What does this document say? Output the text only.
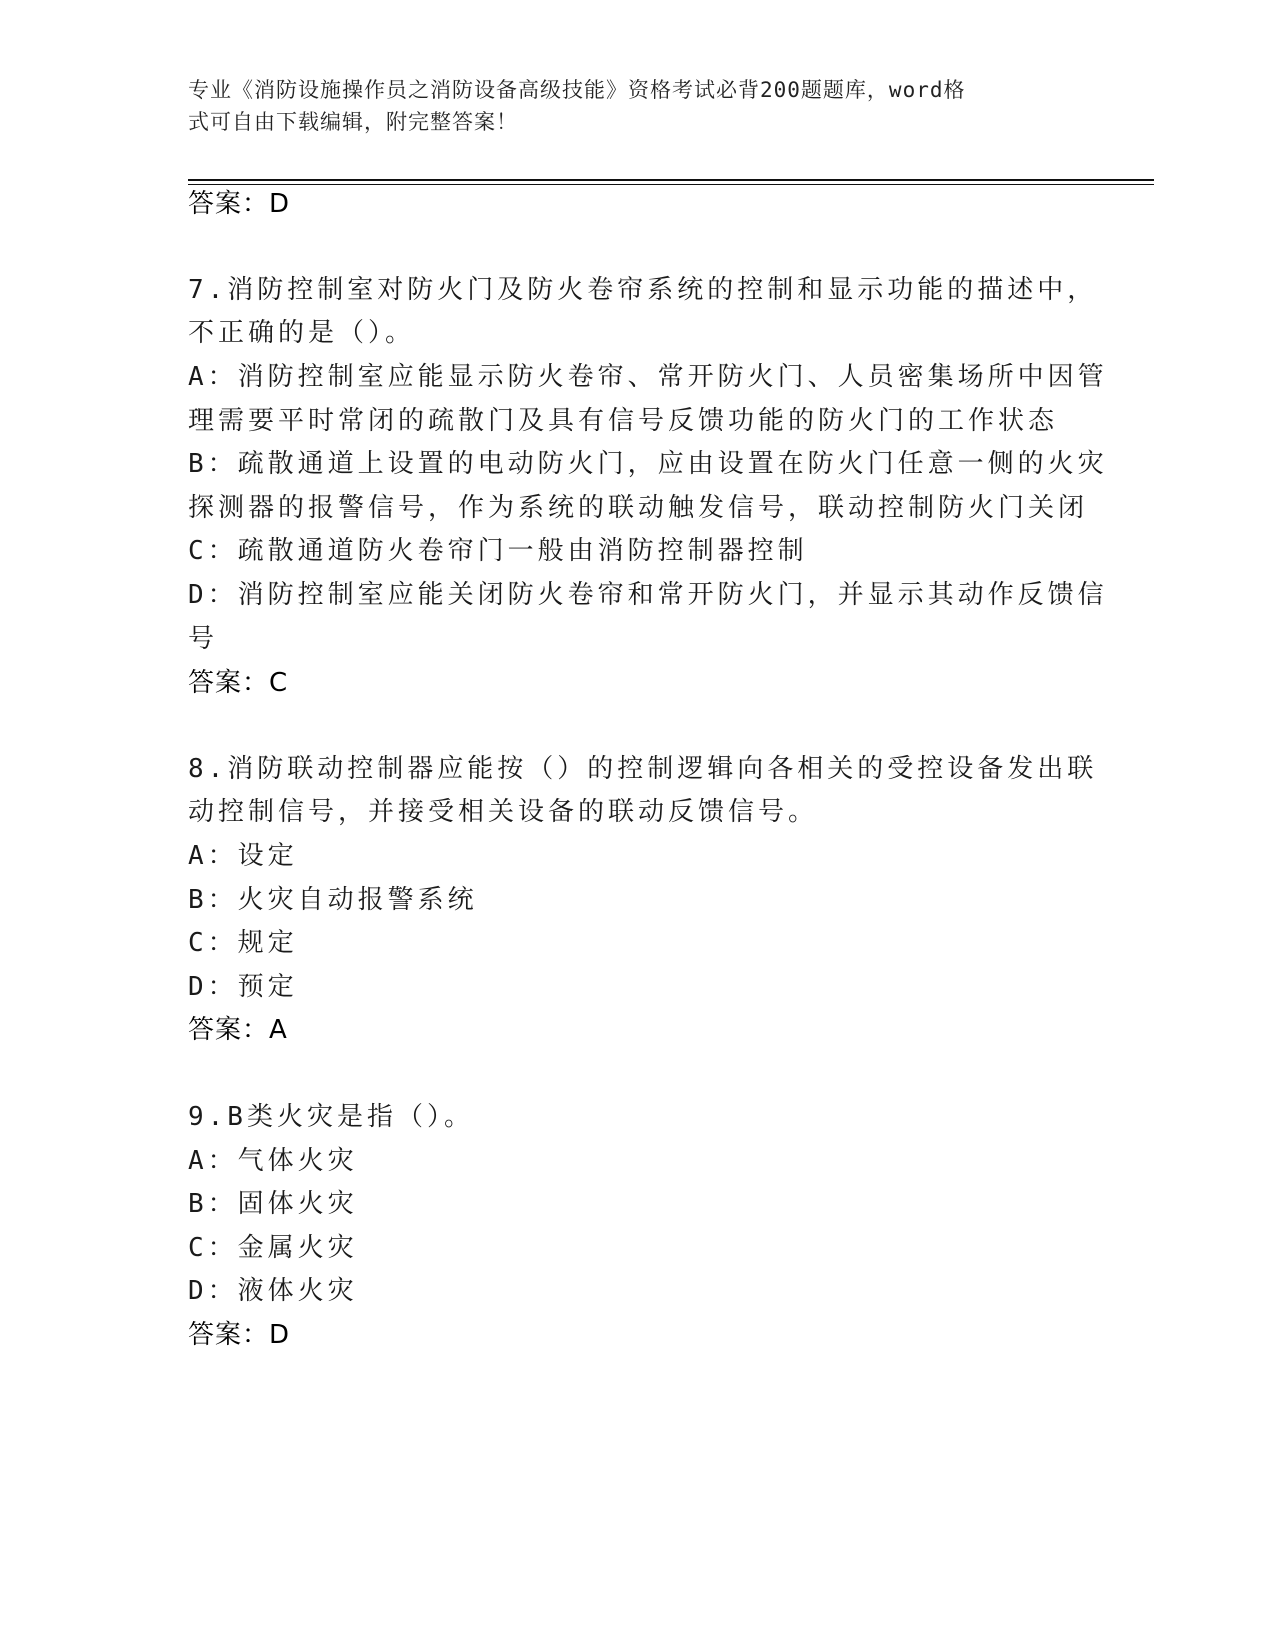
专业《消防设施操作员之消防设备高级技能》资格考试必背200题题库，word格
式可自由下载编辑，附完整答案！
答案：D
7.消防控制室对防火门及防火卷帘系统的控制和显示功能的描述中，
不正确的是（）。
A：消防控制室应能显示防火卷帘、常开防火门、人员密集场所中因管
理需要平时常闭的疏散门及具有信号反馈功能的防火门的工作状态
B：疏散通道上设置的电动防火门，应由设置在防火门任意一侧的火灾
探测器的报警信号，作为系统的联动触发信号，联动控制防火门关闭
C：疏散通道防火卷帘门一般由消防控制器控制
D：消防控制室应能关闭防火卷帘和常开防火门，并显示其动作反馈信
号
答案：C
8.消防联动控制器应能按（）的控制逻辑向各相关的受控设备发出联
动控制信号，并接受相关设备的联动反馈信号。
A：设定
B：火灾自动报警系统
C：规定
D：预定
答案：A
9.B类火灾是指（）。
A：气体火灾
B：固体火灾
C：金属火灾
D：液体火灾
答案：D
